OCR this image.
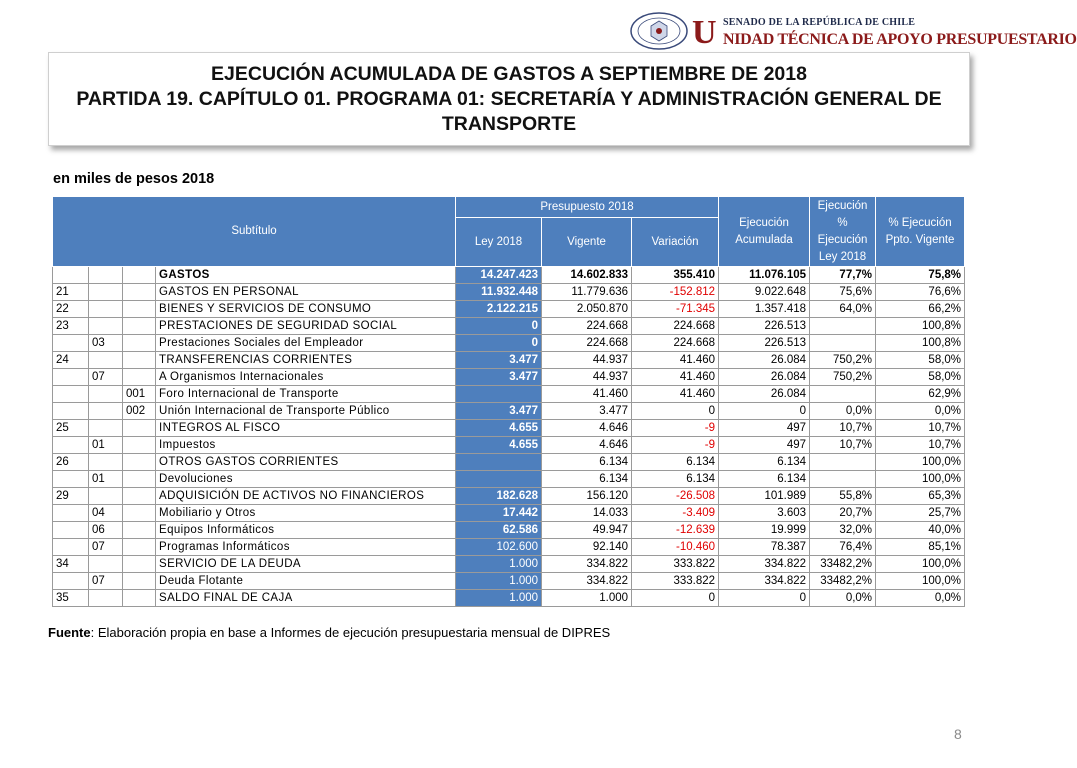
U SENADO DE LA REPÚBLICA DE CHILE
NIDAD TÉCNICA DE APOYO PRESUPUESTARIO
EJECUCIÓN ACUMULADA DE GASTOS A SEPTIEMBRE DE 2018
PARTIDA 19. CAPÍTULO 01. PROGRAMA 01: SECRETARÍA Y ADMINISTRACIÓN GENERAL DE
TRANSPORTE
en miles de pesos 2018
Subtítulo				Presupuesto 2018			Ejecución Acumulada	Ejecución % Ejecución Ley 2018	% Ejecución Ppto. Vigente
				Ley 2018	Vigente	Variación			
			GASTOS	14.247.423	14.602.833	355.410	11.076.105	77,7%	75,8%
21			GASTOS EN PERSONAL	11.932.448	11.779.636	-152.812	9.022.648	75,6%	76,6%
22			BIENES Y SERVICIOS DE CONSUMO	2.122.215	2.050.870	-71.345	1.357.418	64,0%	66,2%
23			PRESTACIONES DE SEGURIDAD SOCIAL	0	224.668	224.668	226.513		100,8%
	03		Prestaciones Sociales del Empleador	0	224.668	224.668	226.513		100,8%
24			TRANSFERENCIAS CORRIENTES	3.477	44.937	41.460	26.084	750,2%	58,0%
	07		A Organismos Internacionales	3.477	44.937	41.460	26.084	750,2%	58,0%
		001	Foro Internacional de Transporte		41.460	41.460	26.084		62,9%
		002	Unión Internacional de Transporte Público	3.477	3.477	0	0	0,0%	0,0%
25			INTEGROS AL FISCO	4.655	4.646	-9	497	10,7%	10,7%
	01		Impuestos	4.655	4.646	-9	497	10,7%	10,7%
26			OTROS GASTOS CORRIENTES		6.134	6.134	6.134		100,0%
	01		Devoluciones		6.134	6.134	6.134		100,0%
29			ADQUISICIÓN DE ACTIVOS NO FINANCIEROS	182.628	156.120	-26.508	101.989	55,8%	65,3%
	04		Mobiliario y Otros	17.442	14.033	-3.409	3.603	20,7%	25,7%
	06		Equipos Informáticos	62.586	49.947	-12.639	19.999	32,0%	40,0%
	07		Programas Informáticos	102.600	92.140	-10.460	78.387	76,4%	85,1%
34			SERVICIO DE LA DEUDA	1.000	334.822	333.822	334.822	33482,2%	100,0%
	07		Deuda Flotante	1.000	334.822	333.822	334.822	33482,2%	100,0%
35			SALDO FINAL DE CAJA	1.000	1.000	0	0	0,0%	0,0%
Fuente: Elaboración propia en base a Informes de ejecución presupuestaria mensual de DIPRES
8
